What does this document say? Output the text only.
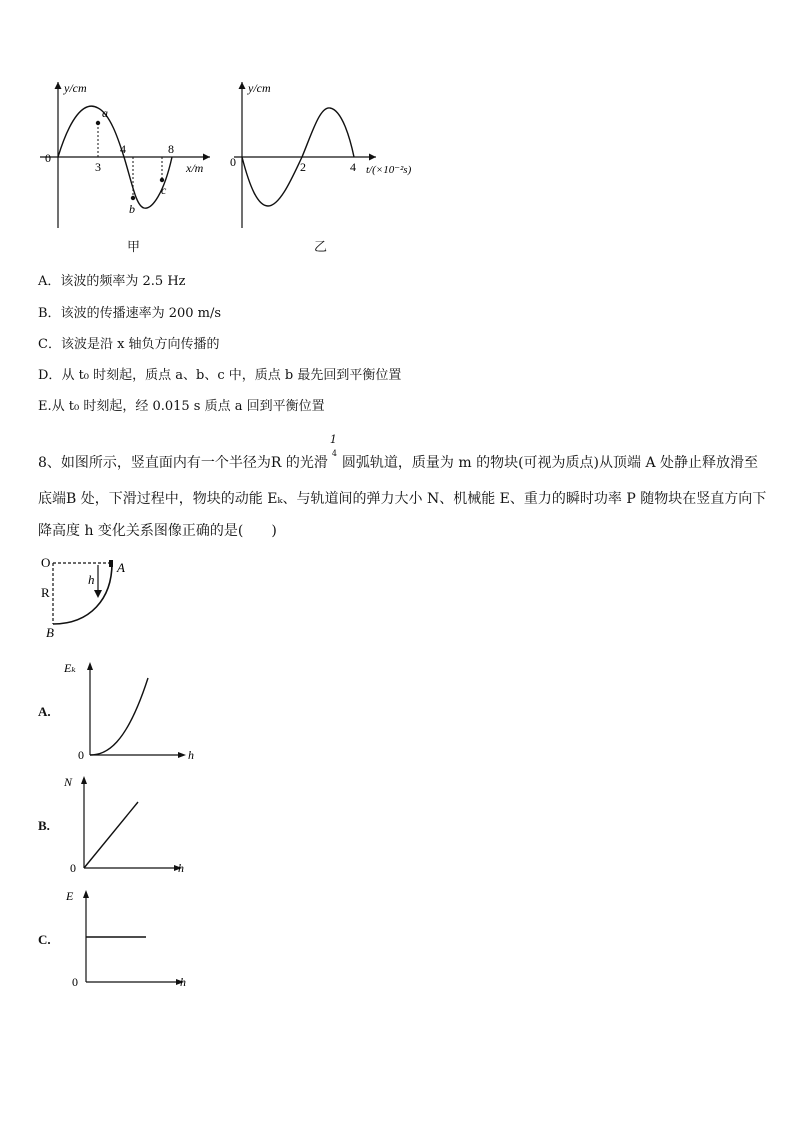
y/cm
0
x/m
3
4	8
a
b
c
甲
y/cm
0	2	4 t/(×10⁻²s)
乙
A．该波的频率为 2.5 Hz
B．该波的传播速率为 200 m/s
C．该波是沿 x 轴负方向传播的
D．从 t₀ 时刻起，质点 a、b、c 中，质点 b 最先回到平衡位置
E.从 t₀ 时刻起，经 0.015 s 质点 a 回到平衡位置
8、如图所示，竖直面内有一个半径为R 的光滑
1
4
圆弧轨道，质量为 m 的物块(可视为质点)从顶端 A 处静止释放滑至
底端B 处，下滑过程中，物块的动能 Eₖ、与轨道间的弹力大小 N、机械能 E、重力的瞬时功率 P 随物块在竖直方向下
降高度 h 变化关系图像正确的是(　　)
O
R
h
A
B
A.
Eₖ
0	h
B.
N
0	h
C.
E
0	h
